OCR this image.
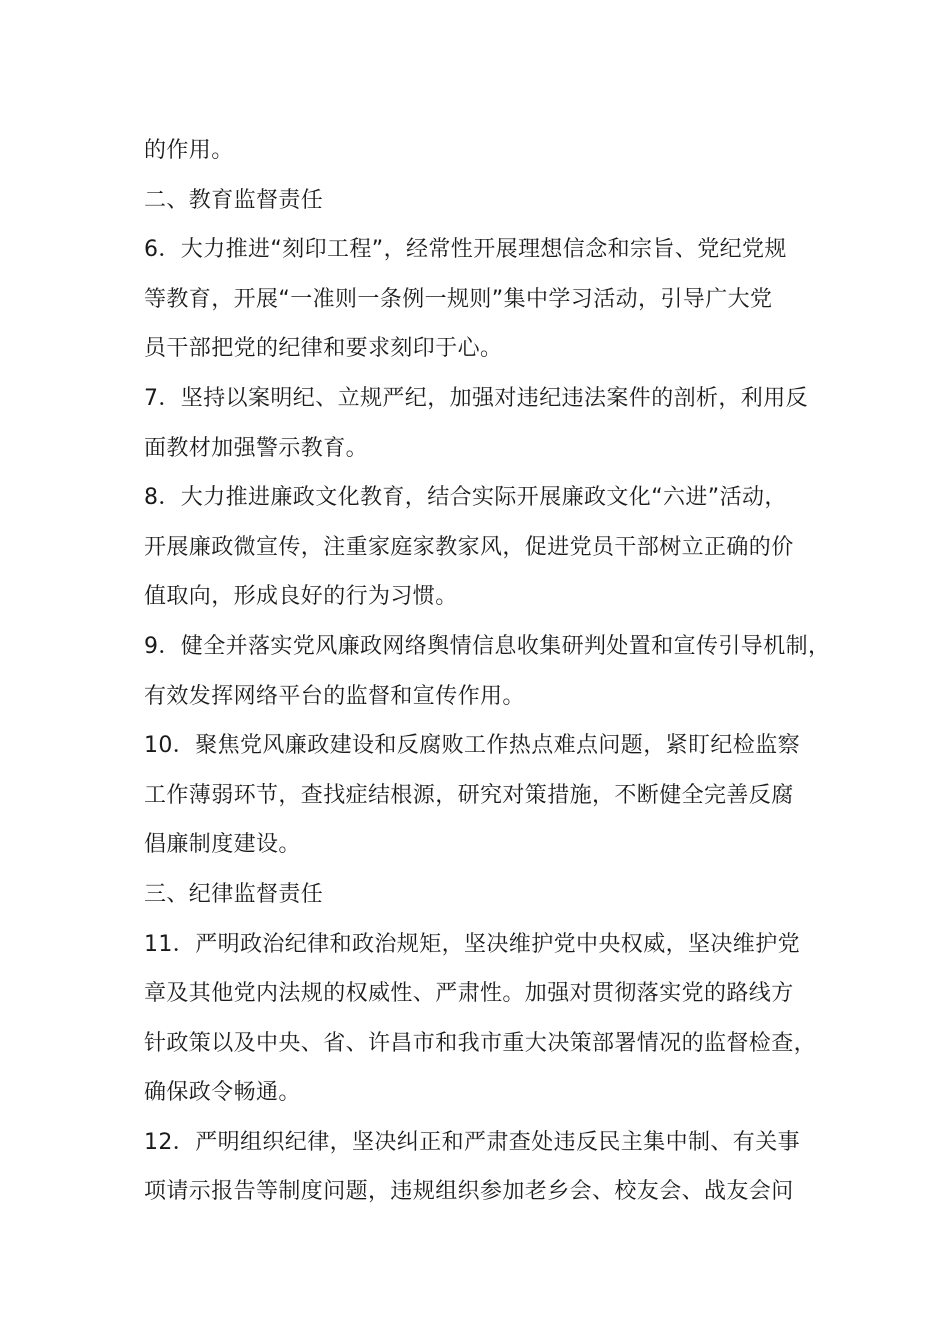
的作用。
二、教育监督责任
6．大力推进“刻印工程”，经常性开展理想信念和宗旨、党纪党规
等教育，开展“一准则一条例一规则”集中学习活动，引导广大党
员干部把党的纪律和要求刻印于心。
7．坚持以案明纪、立规严纪，加强对违纪违法案件的剖析，利用反
面教材加强警示教育。
8．大力推进廉政文化教育，结合实际开展廉政文化“六进”活动，
开展廉政微宣传，注重家庭家教家风，促进党员干部树立正确的价
值取向，形成良好的行为习惯。
9．健全并落实党风廉政网络舆情信息收集研判处置和宣传引导机制，
有效发挥网络平台的监督和宣传作用。
10．聚焦党风廉政建设和反腐败工作热点难点问题，紧盯纪检监察
工作薄弱环节，查找症结根源，研究对策措施，不断健全完善反腐
倡廉制度建设。
三、纪律监督责任
11．严明政治纪律和政治规矩，坚决维护党中央权威，坚决维护党
章及其他党内法规的权威性、严肃性。加强对贯彻落实党的路线方
针政策以及中央、省、许昌市和我市重大决策部署情况的监督检查，
确保政令畅通。
12．严明组织纪律，坚决纠正和严肃查处违反民主集中制、有关事
项请示报告等制度问题，违规组织参加老乡会、校友会、战友会问
